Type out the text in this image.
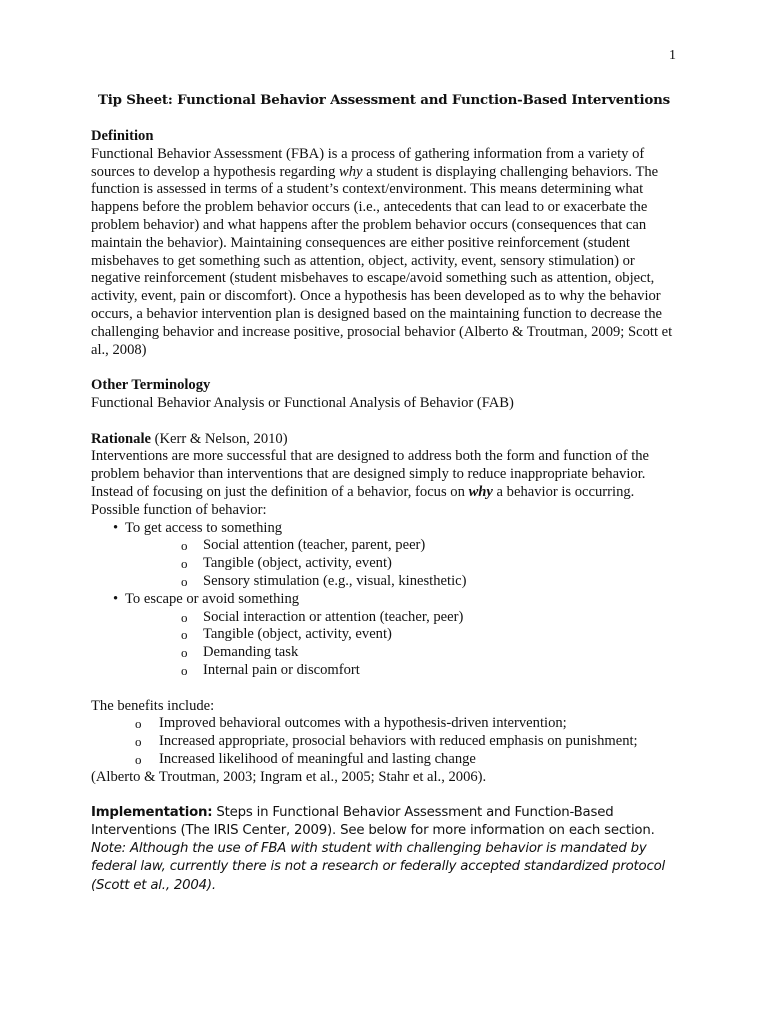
1
Tip Sheet: Functional Behavior Assessment and Function-Based Interventions

Definition

Functional Behavior Assessment (FBA) is a process of gathering information from a variety of sources to develop a hypothesis regarding why a student is displaying challenging behaviors. The function is assessed in terms of a student’s context/environment. This means determining what happens before the problem behavior occurs (i.e., antecedents that can lead to or exacerbate the problem behavior) and what happens after the problem behavior occurs (consequences that can maintain the behavior). Maintaining consequences are either positive reinforcement (student misbehaves to get something such as attention, object, activity, event, sensory stimulation) or negative reinforcement (student misbehaves to escape/avoid something such as attention, object, activity, event, pain or discomfort). Once a hypothesis has been developed as to why the behavior occurs, a behavior intervention plan is designed based on the maintaining function to decrease the challenging behavior and increase positive, prosocial behavior (Alberto & Troutman, 2009; Scott et al., 2008)

Other Terminology

Functional Behavior Analysis or Functional Analysis of Behavior (FAB)

Rationale (Kerr & Nelson, 2010)

Interventions are more successful that are designed to address both the form and function of the problem behavior than interventions that are designed simply to reduce inappropriate behavior. Instead of focusing on just the definition of a behavior, focus on why a behavior is occurring.

Possible function of behavior:

• To get access to something
o Social attention (teacher, parent, peer)
o Tangible (object, activity, event)
o Sensory stimulation (e.g., visual, kinesthetic)
• To escape or avoid something
o Social interaction or attention (teacher, peer)
o Tangible (object, activity, event)
o Demanding task
o Internal pain or discomfort

The benefits include:

o Improved behavioral outcomes with a hypothesis-driven intervention;
o Increased appropriate, prosocial behaviors with reduced emphasis on punishment;
o Increased likelihood of meaningful and lasting change

(Alberto & Troutman, 2003; Ingram et al., 2005; Stahr et al., 2006).

Implementation: Steps in Functional Behavior Assessment and Function-Based Interventions (The IRIS Center, 2009). See below for more information on each section.

Note: Although the use of FBA with student with challenging behavior is mandated by federal law, currently there is not a research or federally accepted standardized protocol (Scott et al., 2004).
